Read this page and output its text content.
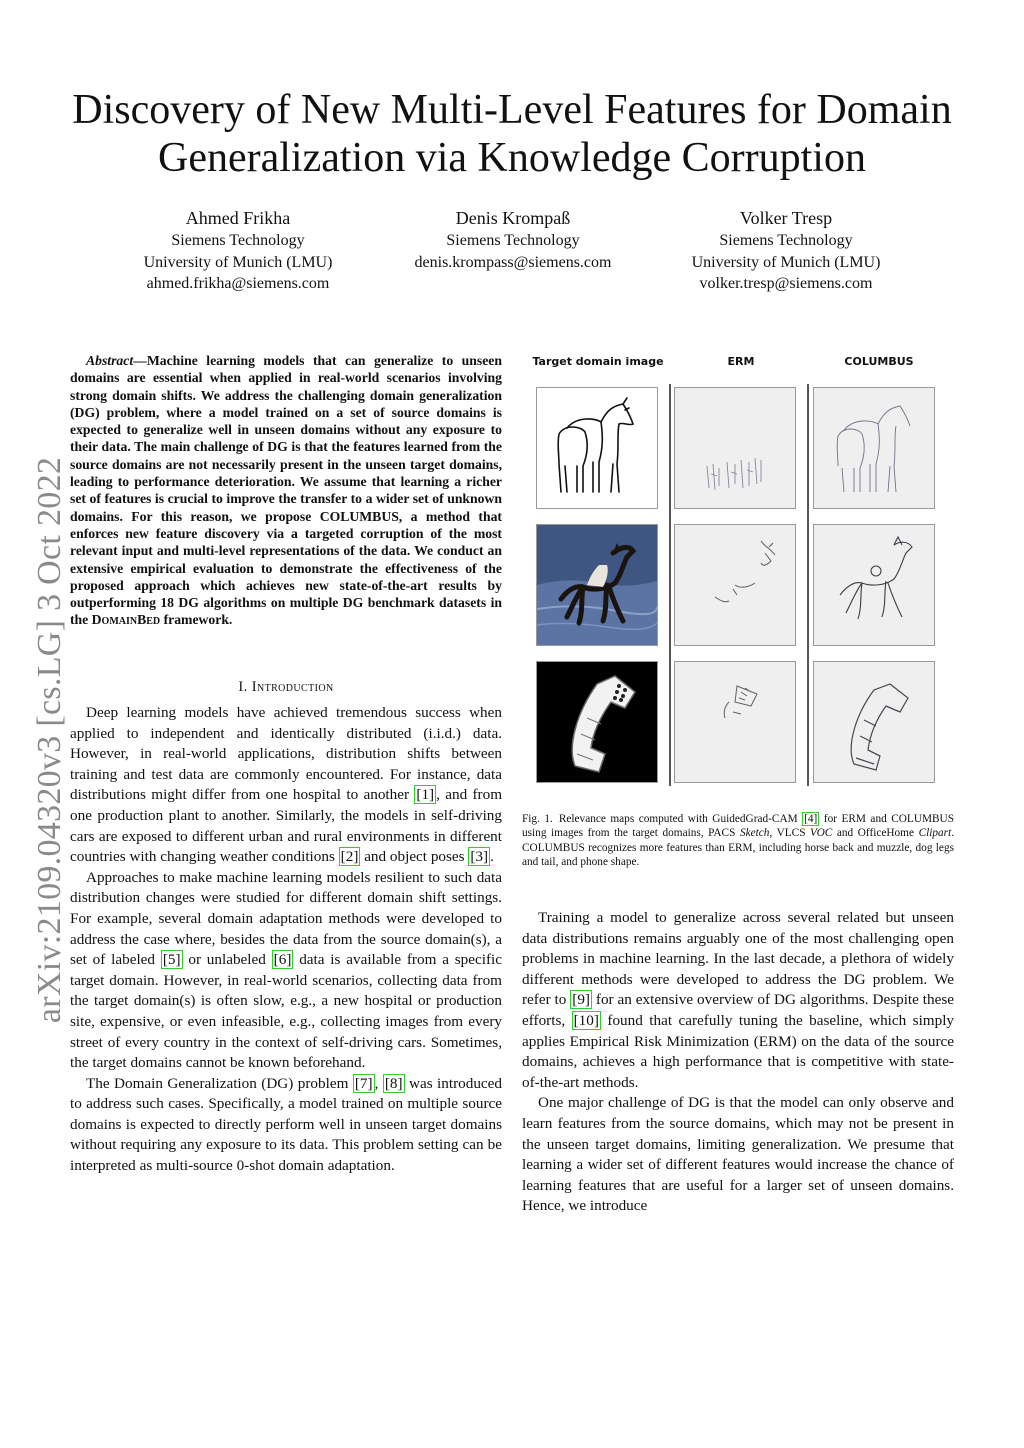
arXiv:2109.04320v3 [cs.LG] 3 Oct 2022
Discovery of New Multi-Level Features for Domain
Generalization via Knowledge Corruption
Ahmed Frikha
Siemens Technology
University of Munich (LMU)
ahmed.frikha@siemens.com
Denis Krompaß
Siemens Technology
denis.krompass@siemens.com
Volker Tresp
Siemens Technology
University of Munich (LMU)
volker.tresp@siemens.com

Abstract—Machine learning models that can generalize to unseen domains are essential when applied in real-world scenarios involving strong domain shifts. We address the challenging domain generalization (DG) problem, where a model trained on a set of source domains is expected to generalize well in unseen domains without any exposure to their data. The main challenge of DG is that the features learned from the source domains are not necessarily present in the unseen target domains, leading to performance deterioration. We assume that learning a richer set of features is crucial to improve the transfer to a wider set of unknown domains. For this reason, we propose COLUMBUS, a method that enforces new feature discovery via a targeted corruption of the most relevant input and multi-level representations of the data. We conduct an extensive empirical evaluation to demonstrate the effectiveness of the proposed approach which achieves new state-of-the-art results by outperforming 18 DG algorithms on multiple DG benchmark datasets in the DomainBed framework.

I. Introduction

Deep learning models have achieved tremendous success when applied to independent and identically distributed (i.i.d.) data. However, in real-world applications, distribution shifts between training and test data are commonly encountered. For instance, data distributions might differ from one hospital to another [1] , and from one production plant to another. Similarly, the models in self-driving cars are exposed to different urban and rural environments in different countries with changing weather conditions [2] and object poses [3] .

Approaches to make machine learning models resilient to such data distribution changes were studied for different domain shift settings. For example, several domain adaptation methods were developed to address the case where, besides the data from the source domain(s), a set of labeled [5] or unlabeled [6] data is available from a specific target domain. However, in real-world scenarios, collecting data from the target domain(s) is often slow, e.g., a new hospital or production site, expensive, or even infeasible, e.g., collecting images from every street of every country in the context of self-driving cars. Sometimes, the target domains cannot be known beforehand.

The Domain Generalization (DG) problem [7] , [8] was introduced to address such cases. Specifically, a model trained on multiple source domains is expected to directly perform well in unseen target domains without requiring any exposure to its data. This problem setting can be interpreted as multi-source 0-shot domain adaptation.

Target domain image	ERM	COLUMBUS
Fig. 1. Relevance maps computed with GuidedGrad-CAM [4] for ERM and COLUMBUS using images from the target domains, PACS Sketch, VLCS VOC and OfficeHome Clipart. COLUMBUS recognizes more features than ERM, including horse back and muzzle, dog legs and tail, and phone shape.

Training a model to generalize across several related but unseen data distributions remains arguably one of the most challenging open problems in machine learning. In the last decade, a plethora of widely different methods were developed to address the DG problem. We refer to [9] for an extensive overview of DG algorithms. Despite these efforts, [10] found that carefully tuning the baseline, which simply applies Empirical Risk Minimization (ERM) on the data of the source domains, achieves a high performance that is competitive with state-of-the-art methods.

One major challenge of DG is that the model can only observe and learn features from the source domains, which may not be present in the unseen target domains, limiting generalization. We presume that learning a wider set of different features would increase the chance of learning features that are useful for a larger set of unseen domains. Hence, we introduce
